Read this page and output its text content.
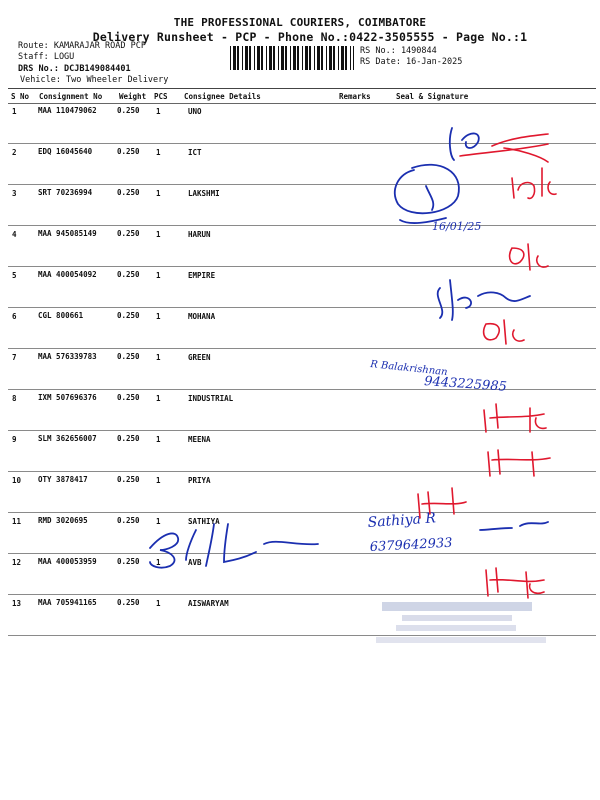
THE PROFESSIONAL COURIERS, COIMBATORE
Delivery Runsheet - PCP - Phone No.:0422-3505555 - Page No.:1
Route: KAMARAJAR ROAD PCP
Staff: LOGU
DRS No.: DCJB149084401
Vehicle: Two Wheeler Delivery
RS No.: 1490844
RS Date: 16-Jan-2025
S No Consignment No Weight PCS Consignee Details	Remarks	Seal & Signature
1	MAA 110479062	0.250 1	UNO
2	EDQ 16045640	0.250 1	ICT
3	SRT 70236994	0.250 1	LAKSHMI
4	MAA 945085149	0.250 1	HARUN
5	MAA 400054092	0.250 1	EMPIRE
6	CGL 800661	0.250 1	MOHANA
7	MAA 576339783	0.250 1	GREEN
8	IXM 507696376	0.250 1	INDUSTRIAL
9	SLM 362656007	0.250 1	MEENA
10 OTY 3878417	0.250 1	PRIYA
11 RMD 3020695	0.250 1	SATHIYA
12 MAA 400053959	0.250 1	AVB
13 MAA 705941165	0.250 1	AISWARYAM
16/01/25
R Balakrishnan
9443225985
Sathiya R
6379642933
